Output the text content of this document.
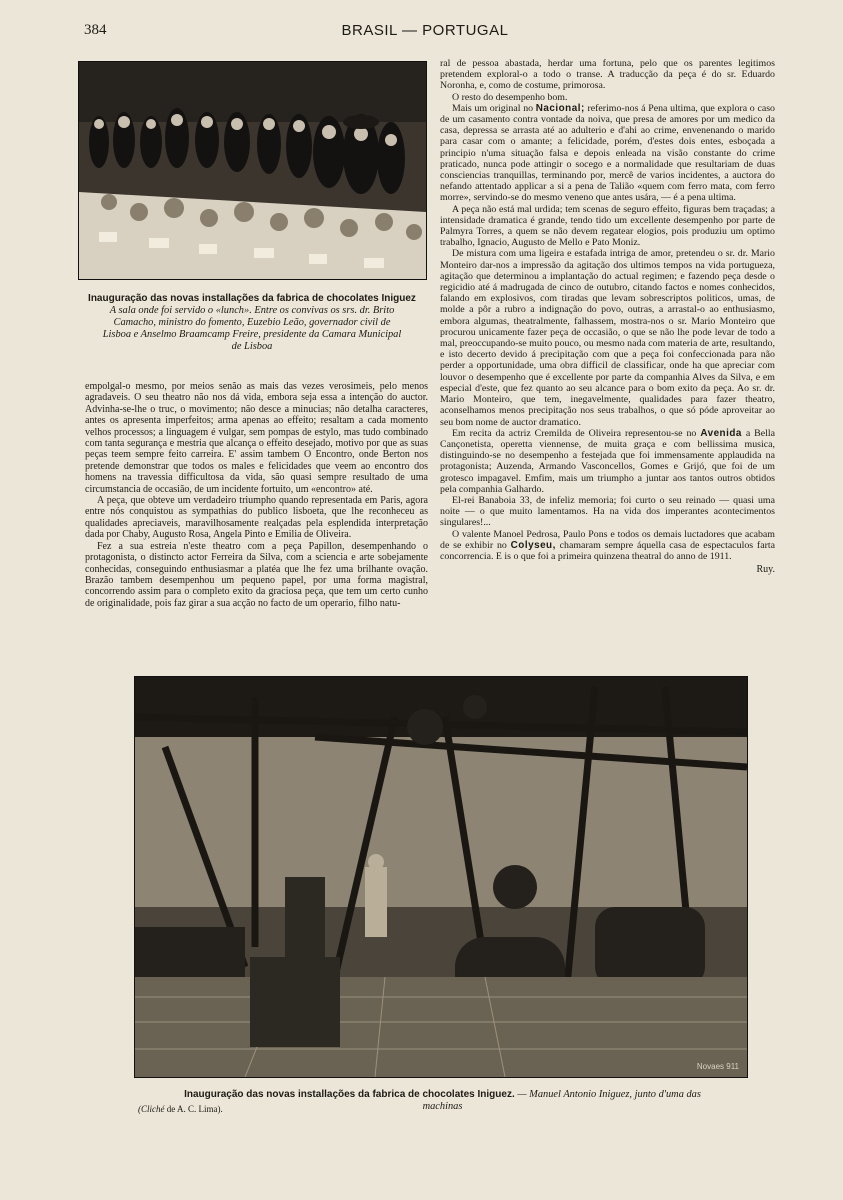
384	BRASIL — PORTUGAL
Emp ar
Inauguração das novas installações da fabrica de chocolates Iniguez
A sala onde foi servido o «lunch». Entre os convivas os srs. dr. Brito Camacho, ministro do fomento, Euzebio Leão, governador civil de Lisboa e Anselmo Braamcamp Freire, presidente da Camara Municipal de Lisboa

empolgal-o mesmo, por meios senão as mais das vezes verosimeis, pelo menos agradaveis. O seu theatro não nos dá vida, embora seja essa a intenção do auctor. Advinha-se-lhe o truc, o movimento; não desce a minucias; não detalha caracteres, antes os apresenta imperfeitos; arma apenas ao effeito; resaltam a cada momento velhos processos; a linguagem é vulgar, sem pompas de estylo, mas tudo combinado com tanta segurança e mestria que alcança o effeito desejado, motivo por que as suas peças teem sempre feito carreira. E' assim tambem O Encontro, onde Berton nos pretende demonstrar que todos os males e felicidades que veem ao encontro dos homens na travessia difficultosa da vida, são quasi sempre resultado de uma circumstancia de occasião, de um incidente fortuito, um «encontro» até.

A peça, que obteve um verdadeiro triumpho quando representada em Paris, agora entre nós conquistou as sympathias do publico lisboeta, que lhe reconheceu as qualidades apreciaveis, maravilhosamente realçadas pela esplendida interpretação dada por Chaby, Augusto Rosa, Angela Pinto e Emilia de Oliveira.

Fez a sua estreia n'este theatro com a peça Papillon, desempenhando o protagonista, o distincto actor Ferreira da Silva, com a sciencia e arte sobejamente conhecidas, conseguindo enthusiasmar a platéa que lhe fez uma brilhante ovação. Brazão tambem desempenhou um pequeno papel, por uma forma magistral, concorrendo assim para o completo exito da graciosa peça, que tem um certo cunho de originalidade, pois faz girar a sua acção no facto de um operario, filho natu-

ral de pessoa abastada, herdar uma fortuna, pelo que os parentes legitimos pretendem exploral-o a todo o transe. A traducção da peça é do sr. Eduardo Noronha, e, como de costume, primorosa.

O resto do desempenho bom.

Mais um original no Nacional; referimo-nos á Pena ultima, que explora o caso de um casamento contra vontade da noiva, que presa de amores por um medico da casa, depressa se arrasta até ao adulterio e d'ahi ao crime, envenenando o marido para casar com o amante; a felicidade, porém, d'estes dois entes, esboçada a principio n'uma situação falsa e depois enleada na visão constante do crime praticado, nunca pode attingir o socego e a normalidade que resultariam de duas consciencias tranquillas, terminando por, mercê de varios incidentes, a auctora do nefando attentado applicar a si a pena de Talião «quem com ferro mata, com ferro morre», servindo-se do mesmo veneno que antes usára, — é a pena ultima.

A peça não está mal urdida; tem scenas de seguro effeito, figuras bem traçadas; a intensidade dramatica é grande, tendo tido um excellente desempenho por parte de Palmyra Torres, a quem se não devem regatear elogios, pois produziu um optimo trabalho, Ignacio, Augusto de Mello e Pato Moniz.

De mistura com uma ligeira e estafada intriga de amor, pretendeu o sr. dr. Mario Monteiro dar-nos a impressão da agitação dos ultimos tempos na vida portugueza, agitação que determinou a implantação do actual regimen; e fazendo peça desde o regicidio até á madrugada de cinco de outubro, citando factos e nomes conhecidos, falando em explosivos, com tiradas que levam sobrescriptos politicos, umas, de molde a pôr a rubro a indignação do povo, outras, a arrastal-o ao enthusiasmo, embora algumas, theatralmente, falhassem, mostra-nos o sr. Mario Monteiro que procurou unicamente fazer peça de occasião, o que se não lhe pode levar de todo a mal, preoccupando-se muito pouco, ou mesmo nada com materia de arte, resultando, e isto decerto devido á precipitação com que a peça foi confeccionada para não perder a opportunidade, uma obra difficil de classificar, onde ha que apreciar com louvor o desempenho que é excellente por parte da companhia Alves da Silva, e em especial d'este, que fez quanto ao seu alcance para o bom exito da peça. Ao sr. dr. Mario Monteiro, que tem, inegavelmente, qualidades para fazer theatro, aconselhamos menos precipitação nos seus trabalhos, o que só póde aproveitar ao seu bom nome de auctor dramatico.

Em recita da actriz Cremilda de Oliveira representou-se no Avenida a Bella Cançonetista, operetta viennense, de muita graça e com bellissima musica, distinguindo-se no desempenho a festejada que foi immensamente applaudida na protagonista; Auzenda, Armando Vasconcellos, Gomes e Grijó, que foi de um grotesco impagavel. Emfim, mais um triumpho a juntar aos tantos outros obtidos pela companhia Galhardo.

El-rei Banaboia 33, de infeliz memoria; foi curto o seu reinado — quasi uma noite — o que muito lamentamos. Ha na vida dos imperantes acontecimentos singulares!...

O valente Manoel Pedrosa, Paulo Pons e todos os demais luctadores que acabam de se exhibir no Colyseu, chamaram sempre áquella casa de espectaculos farta concorrencia. E is o que foi a primeira quinzena theatral do anno de 1911.

Ruy.
Novaes 911
Inauguração das novas installações da fabrica de chocolates Iniguez. — Manuel Antonio Iniguez, junto d'uma das machinas
(Cliché de A. C. Lima).
